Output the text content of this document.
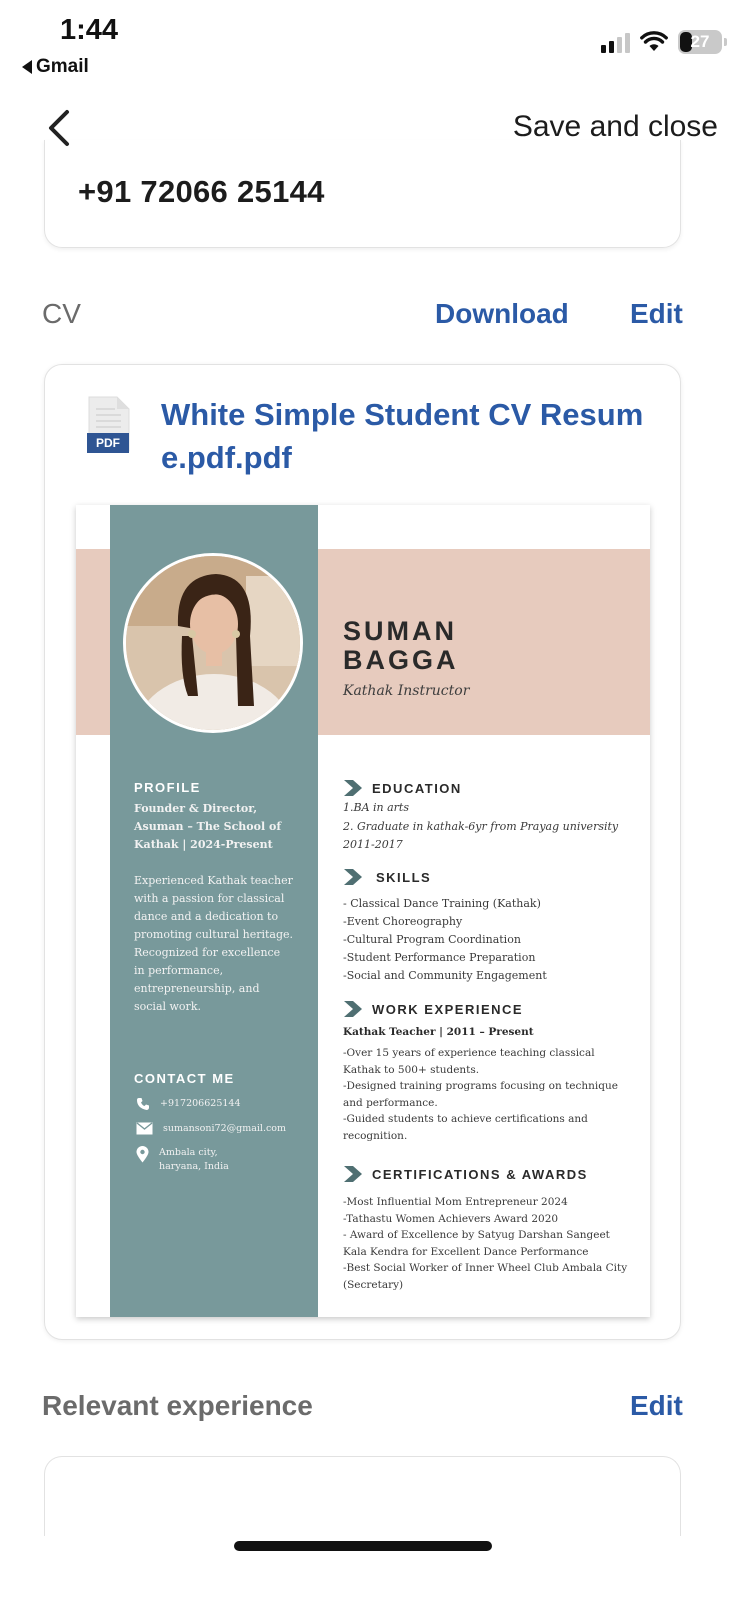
1:44
Gmail
27
Save and close
+91 72066 25144
CV	Download Edit
PDF
White Simple Student CV Resume.pdf.pdf
SUMAN
BAGGA
Kathak Instructor
PROFILE
Founder & Director, Asuman – The School of Kathak | 2024-Present
Experienced Kathak teacher with a passion for classical dance and a dedication to promoting cultural heritage. Recognized for excellence in performance, entrepreneurship, and social work.
CONTACT ME
+917206625144
sumansoni72@gmail.com
Ambala city, haryana, India
EDUCATION
1.BA in arts
2. Graduate in kathak-6yr from Prayag university 2011-2017
SKILLS
- Classical Dance Training (Kathak)
-Event Choreography
-Cultural Program Coordination
-Student Performance Preparation
-Social and Community Engagement
WORK EXPERIENCE
Kathak Teacher | 2011 – Present
-Over 15 years of experience teaching classical Kathak to 500+ students.
-Designed training programs focusing on technique and performance.
-Guided students to achieve certifications and recognition.
CERTIFICATIONS & AWARDS
-Most Influential Mom Entrepreneur 2024
-Tathastu Women Achievers Award 2020
- Award of Excellence by Satyug Darshan Sangeet Kala Kendra for Excellent Dance Performance
-Best Social Worker of Inner Wheel Club Ambala City (Secretary)
Relevant experience	Edit
